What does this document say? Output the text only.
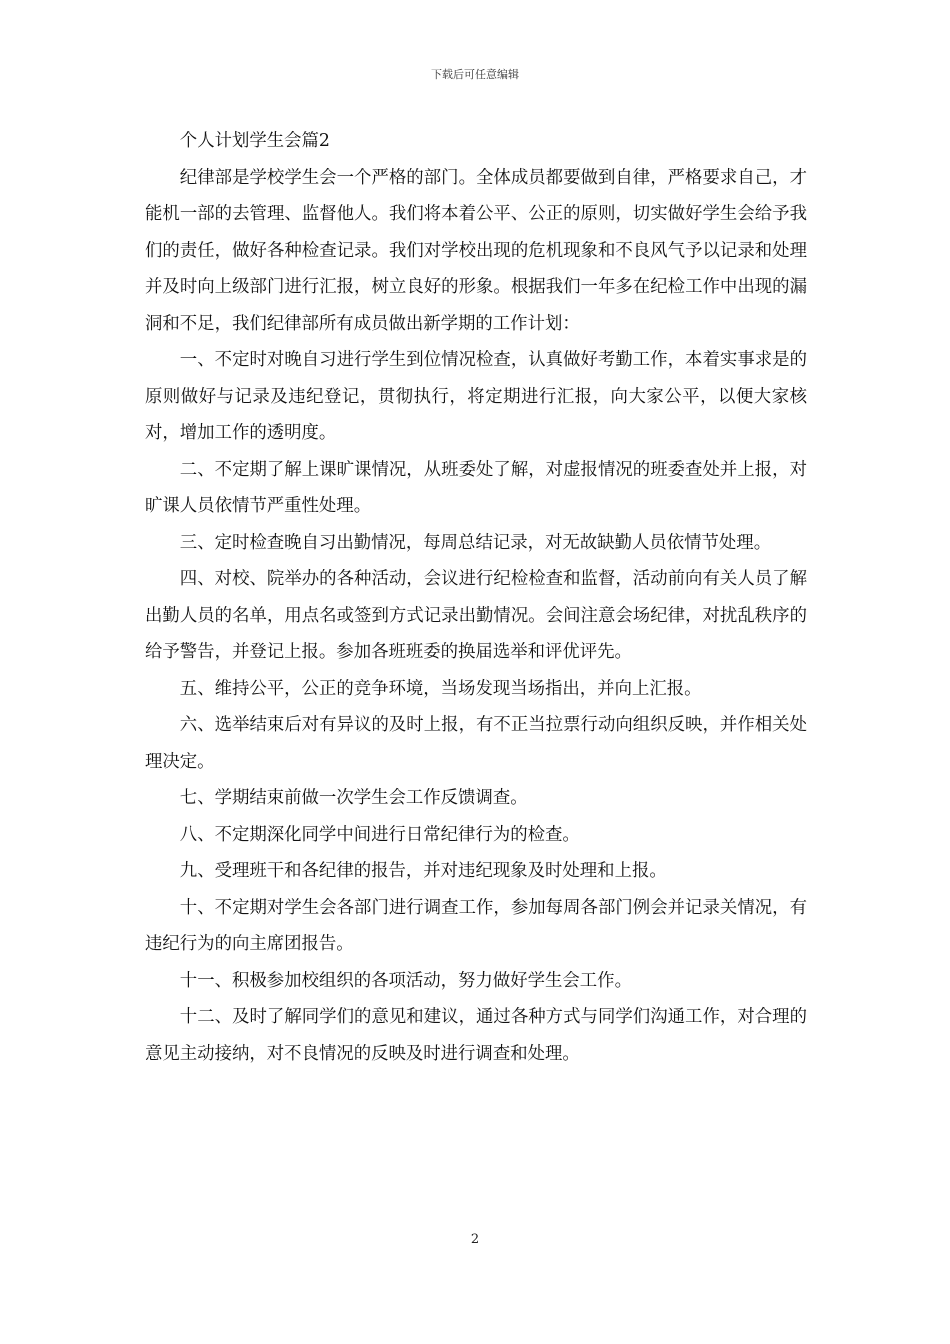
下载后可任意编辑

个人计划学生会篇2

纪律部是学校学生会一个严格的部门。全体成员都要做到自律，严格要求自己，才能机一部的去管理、监督他人。我们将本着公平、公正的原则，切实做好学生会给予我们的责任，做好各种检查记录。我们对学校出现的危机现象和不良风气予以记录和处理并及时向上级部门进行汇报，树立良好的形象。根据我们一年多在纪检工作中出现的漏洞和不足，我们纪律部所有成员做出新学期的工作计划：

一、不定时对晚自习进行学生到位情况检查，认真做好考勤工作，本着实事求是的原则做好与记录及违纪登记，贯彻执行，将定期进行汇报，向大家公平，以便大家核对，增加工作的透明度。

二、不定期了解上课旷课情况，从班委处了解，对虚报情况的班委查处并上报，对旷课人员依情节严重性处理。

三、定时检查晚自习出勤情况，每周总结记录，对无故缺勤人员依情节处理。

四、对校、院举办的各种活动，会议进行纪检检查和监督，活动前向有关人员了解出勤人员的名单，用点名或签到方式记录出勤情况。会间注意会场纪律，对扰乱秩序的给予警告，并登记上报。参加各班班委的换届选举和评优评先。

五、维持公平，公正的竞争环境，当场发现当场指出，并向上汇报。

六、选举结束后对有异议的及时上报，有不正当拉票行动向组织反映，并作相关处理决定。

七、学期结束前做一次学生会工作反馈调查。

八、不定期深化同学中间进行日常纪律行为的检查。

九、受理班干和各纪律的报告，并对违纪现象及时处理和上报。

十、不定期对学生会各部门进行调查工作，参加每周各部门例会并记录关情况，有违纪行为的向主席团报告。

十一、积极参加校组织的各项活动，努力做好学生会工作。

十二、及时了解同学们的意见和建议，通过各种方式与同学们沟通工作，对合理的意见主动接纳，对不良情况的反映及时进行调查和处理。

2
